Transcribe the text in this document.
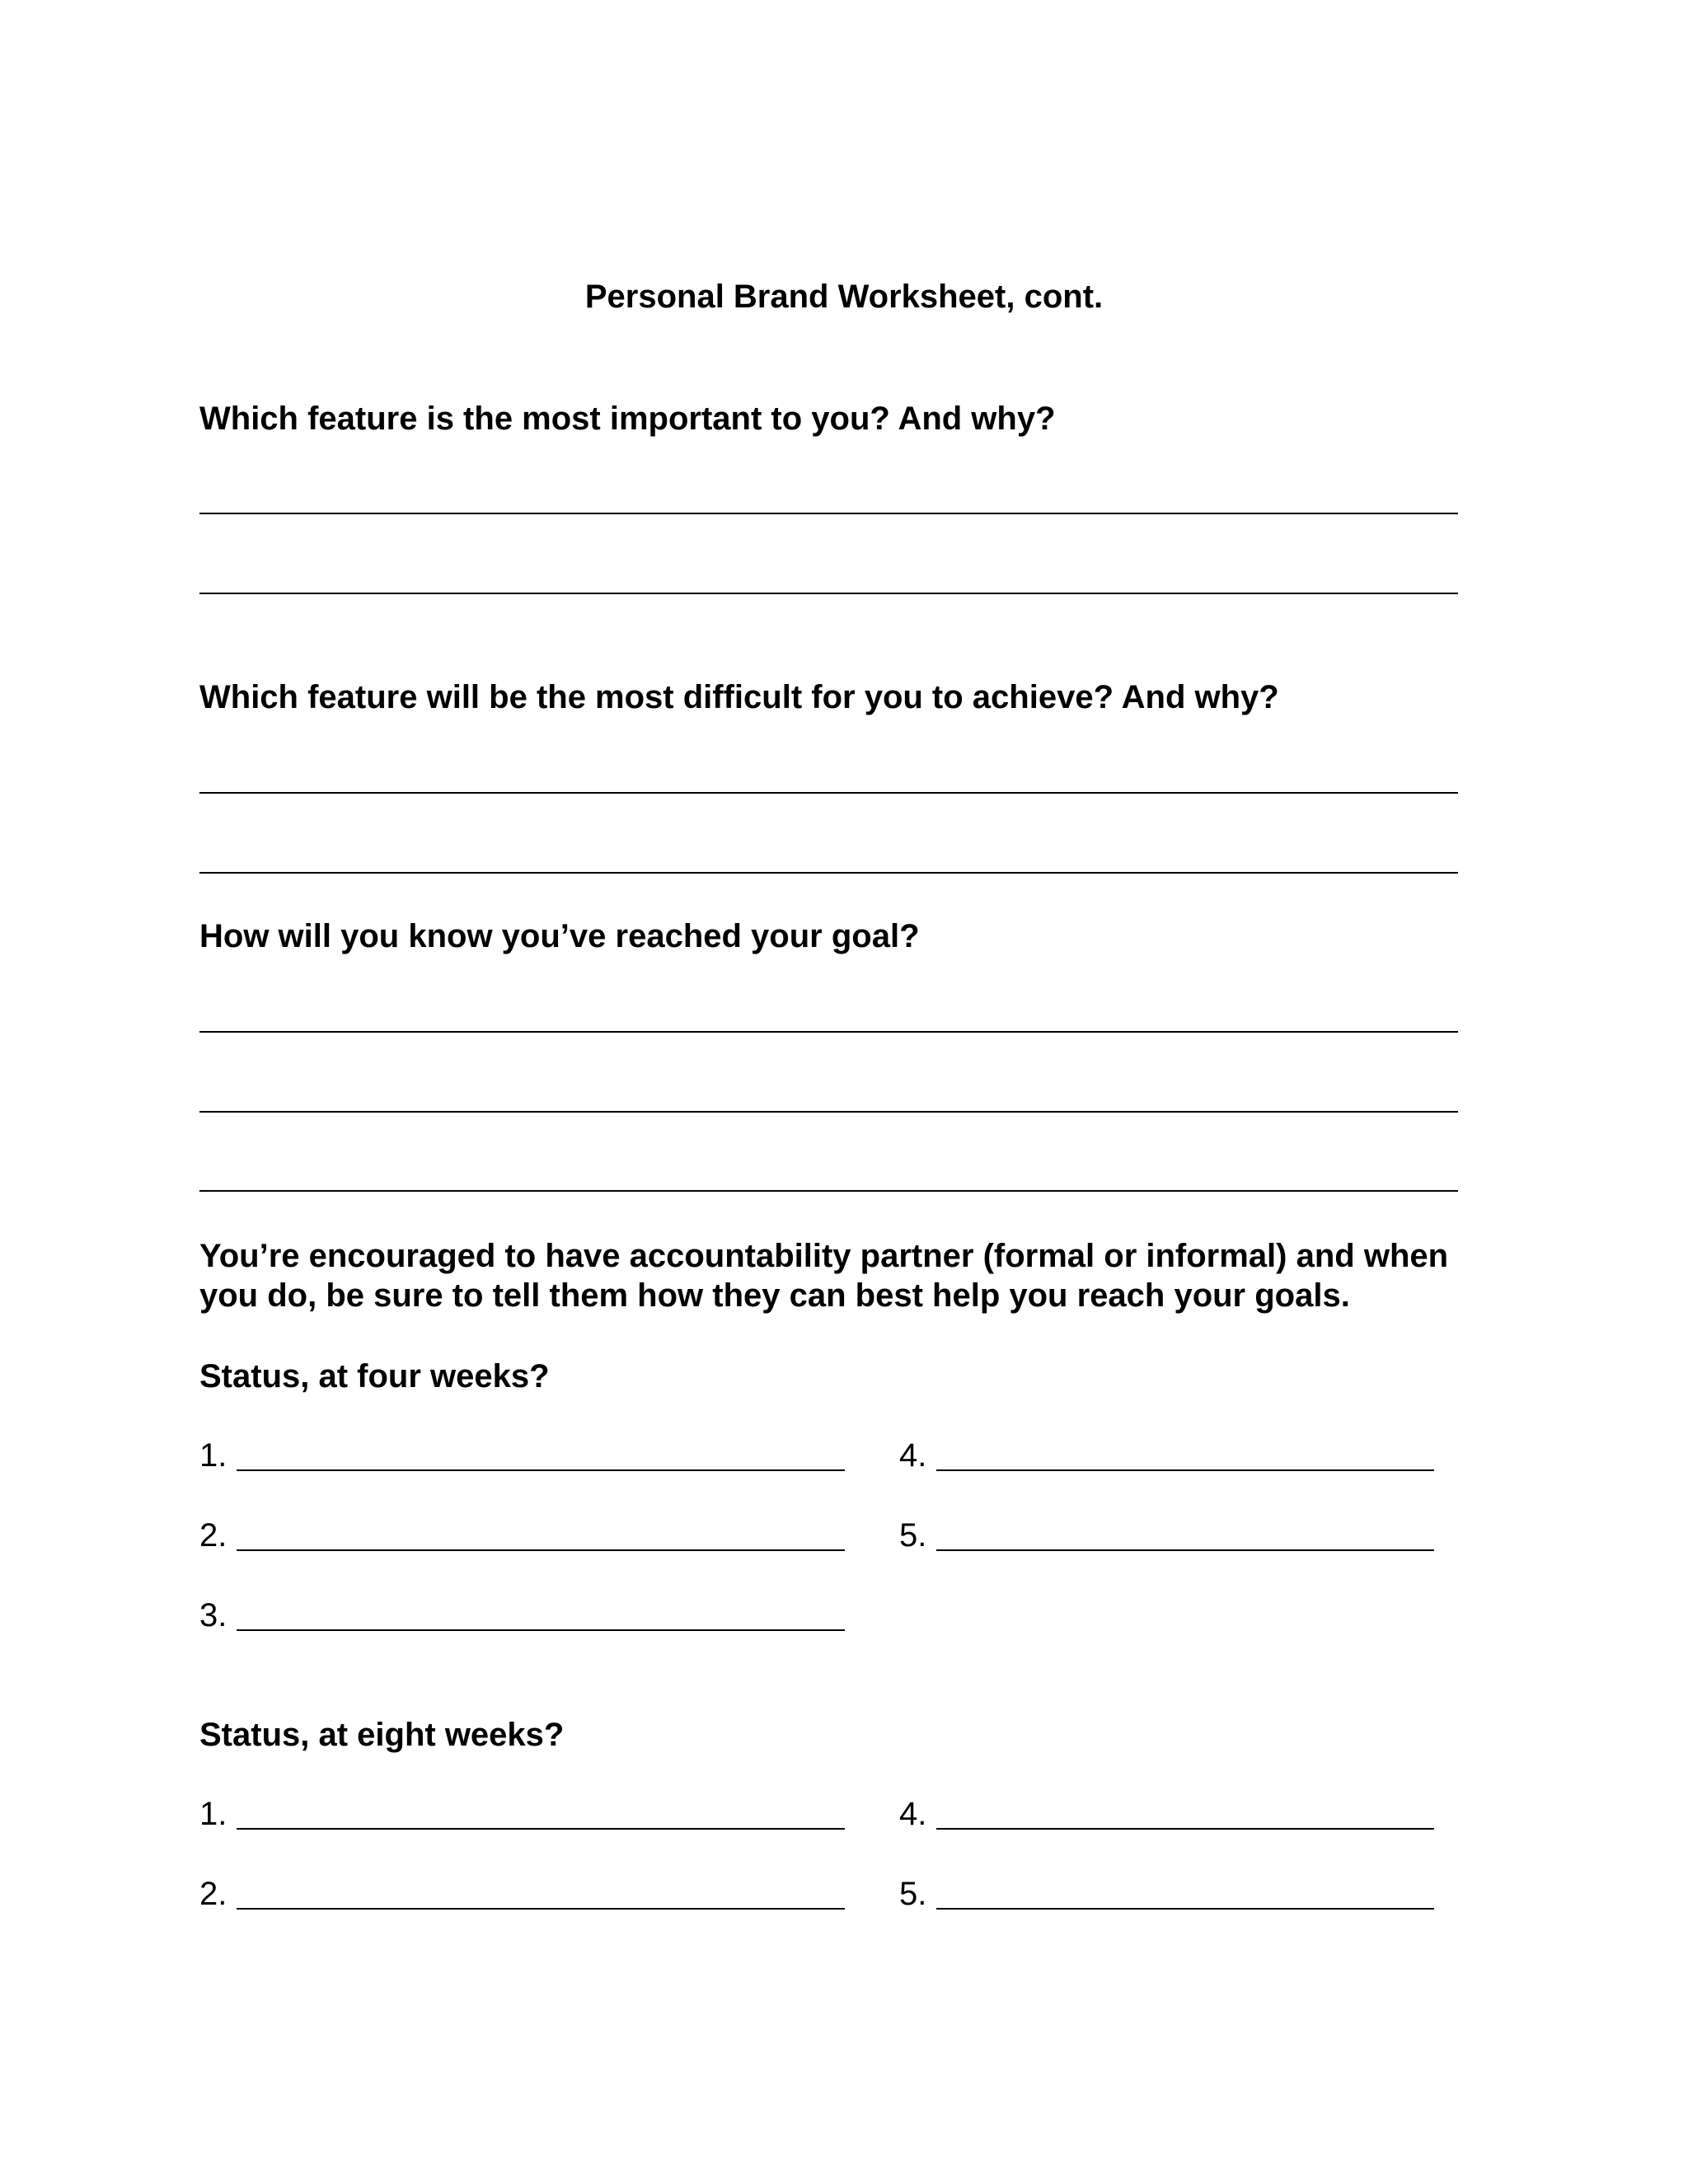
Personal Brand Worksheet, cont.

Which feature is the most important to you? And why?

Which feature will be the most difficult for you to achieve? And why?

How will you know you’ve reached your goal?

You’re encouraged to have accountability partner (formal or informal) and when

you do, be sure to tell them how they can best help you reach your goals.

Status, at four weeks?

1.	4.
2.	5.
3.

Status, at eight weeks?

1.	4.
2.	5.
